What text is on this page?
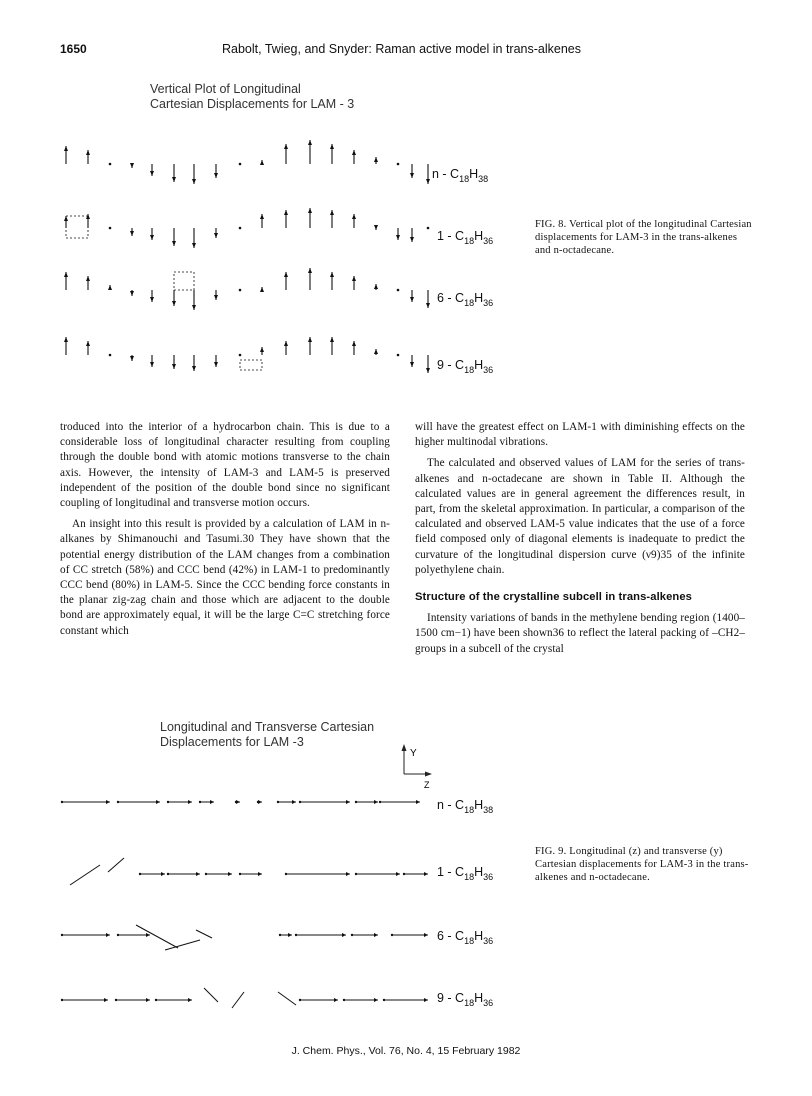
1650	Rabolt, Twieg, and Snyder: Raman active model in trans-alkenes
Vertical Plot of Longitudinal
Cartesian Displacements for LAM - 3
n - $C_{18}H_{38}$
$1 - C_{18}H_{36}$
$6 - C_{18}H_{36}$
$9 - C_{18}H_{36}$
FIG. 8. Vertical plot of the longitudinal Cartesian displacements for LAM-3 in the trans-alkenes and n-octadecane.

troduced into the interior of a hydrocarbon chain. This is due to a considerable loss of longitudinal character resulting from coupling through the double bond with atomic motions transverse to the chain axis. However, the intensity of LAM-3 and LAM-5 is preserved independent of the position of the double bond since no significant coupling of longitudinal and transverse motion occurs.

An insight into this result is provided by a calculation of LAM in n-alkanes by Shimanouchi and Tasumi.30 They have shown that the potential energy distribution of the LAM changes from a combination of CC stretch (58%) and CCC bend (42%) in LAM-1 to predominantly CCC bend (80%) in LAM-5. Since the CCC bending force constants in the planar zig-zag chain and those which are adjacent to the double bond are approximately equal, it will be the large C=C stretching force constant which

will have the greatest effect on LAM-1 with diminishing effects on the higher multinodal vibrations.

The calculated and observed values of LAM for the series of trans-alkenes and n-octadecane are shown in Table II. Although the calculated values are in general agreement the differences result, in part, from the skeletal approximation. In particular, a comparison of the calculated and observed LAM-5 value indicates that the use of a force field composed only of diagonal elements is inadequate to predict the curvature of the longitudinal dispersion curve (ν9)35 of the infinite polyethylene chain.

Structure of the crystalline subcell in trans-alkenes

Intensity variations of bands in the methylene bending region (1400–1500 cm−1) have been shown36 to reflect the lateral packing of –CH2– groups in a subcell of the crystal

Longitudinal and Transverse Cartesian
Displacements for LAM -3
Y
Z
n - $C_{18}H_{38}$
$1 - C_{18}H_{36}$
$6 - C_{18}H_{36}$
$9 - C_{18}H_{36}$
FIG. 9. Longitudinal (z) and transverse (y) Cartesian displacements for LAM-3 in the trans-alkenes and n-octadecane.
J. Chem. Phys., Vol. 76, No. 4, 15 February 1982
